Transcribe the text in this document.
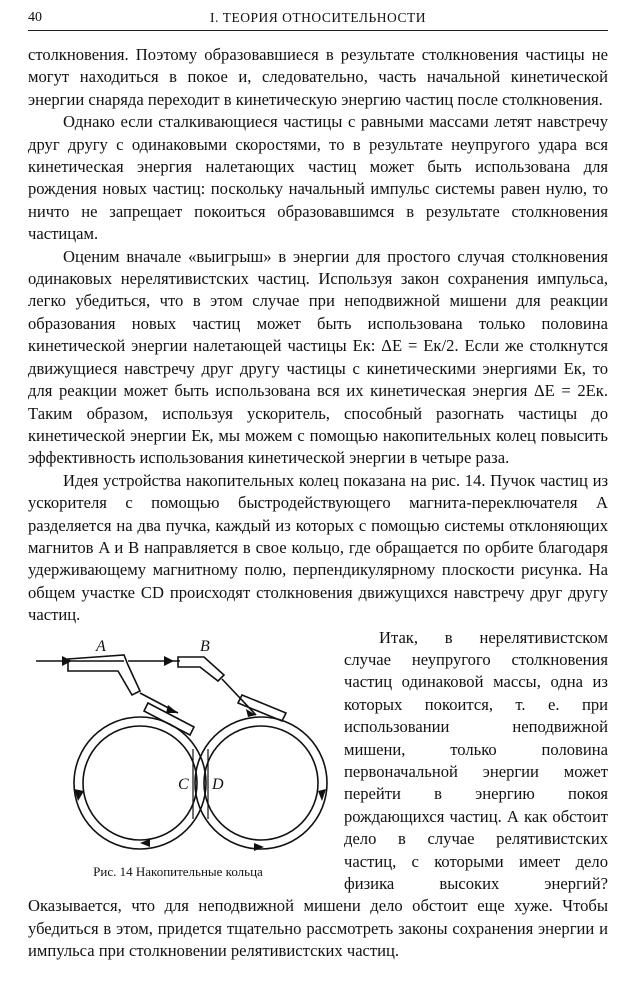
40	I. ТЕОРИЯ ОТНОСИТЕЛЬНОСТИ

столкновения. Поэтому образовавшиеся в результате столкновения частицы не могут находиться в покое и, следовательно, часть начальной кинетической энергии снаряда переходит в кинетическую энергию частиц после столкновения.

Однако если сталкивающиеся частицы с равными массами летят навстречу друг другу с одинаковыми скоростями, то в результате неупругого удара вся кинетическая энергия налетающих частиц может быть использована для рождения новых частиц: поскольку начальный импульс системы равен нулю, то ничто не запрещает покоиться образовавшимся в результате столкновения частицам.

Оценим вначале «выигрыш» в энергии для простого случая столкновения одинаковых нерелятивистских частиц. Используя закон сохранения импульса, легко убедиться, что в этом случае при неподвижной мишени для реакции образования новых частиц может быть использована только половина кинетической энергии налетающей частицы Eк: ΔE = Eк/2. Если же столкнутся движущиеся навстречу друг другу частицы с кинетическими энергиями Eк, то для реакции может быть использована вся их кинетическая энергия ΔE = 2Eк. Таким образом, используя ускоритель, способный разогнать частицы до кинетической энергии Eк, мы можем с помощью накопительных колец повысить эффективность использования кинетической энергии в четыре раза.

Идея устройства накопительных колец показана на рис. 14. Пучок частиц из ускорителя с помощью быстродействующего магнита-переключателя A разделяется на два пучка, каждый из которых с помощью системы отклоняющих магнитов A и B направляется в свое кольцо, где обращается по орбите благодаря удерживающему магнитному полю, перпендикулярному плоскости рисунка. На общем участке CD происходят столкновения движущихся навстречу друг другу частиц.

A	B
C D
Рис. 14 Накопительные кольца

Итак, в нерелятивистском случае неупругого столкновения частиц одинаковой массы, одна из которых покоится, т. е. при использовании неподвижной мишени, только половина первоначальной энергии может перейти в энергию покоя рождающихся частиц. А как обстоит дело в случае релятивистских частиц, с которыми имеет дело физика высоких энергий? Оказывается, что для неподвижной мишени дело обстоит еще хуже. Чтобы убедиться в этом, придется тщательно рассмотреть законы сохранения энергии и импульса при столкновении релятивистских частиц.
